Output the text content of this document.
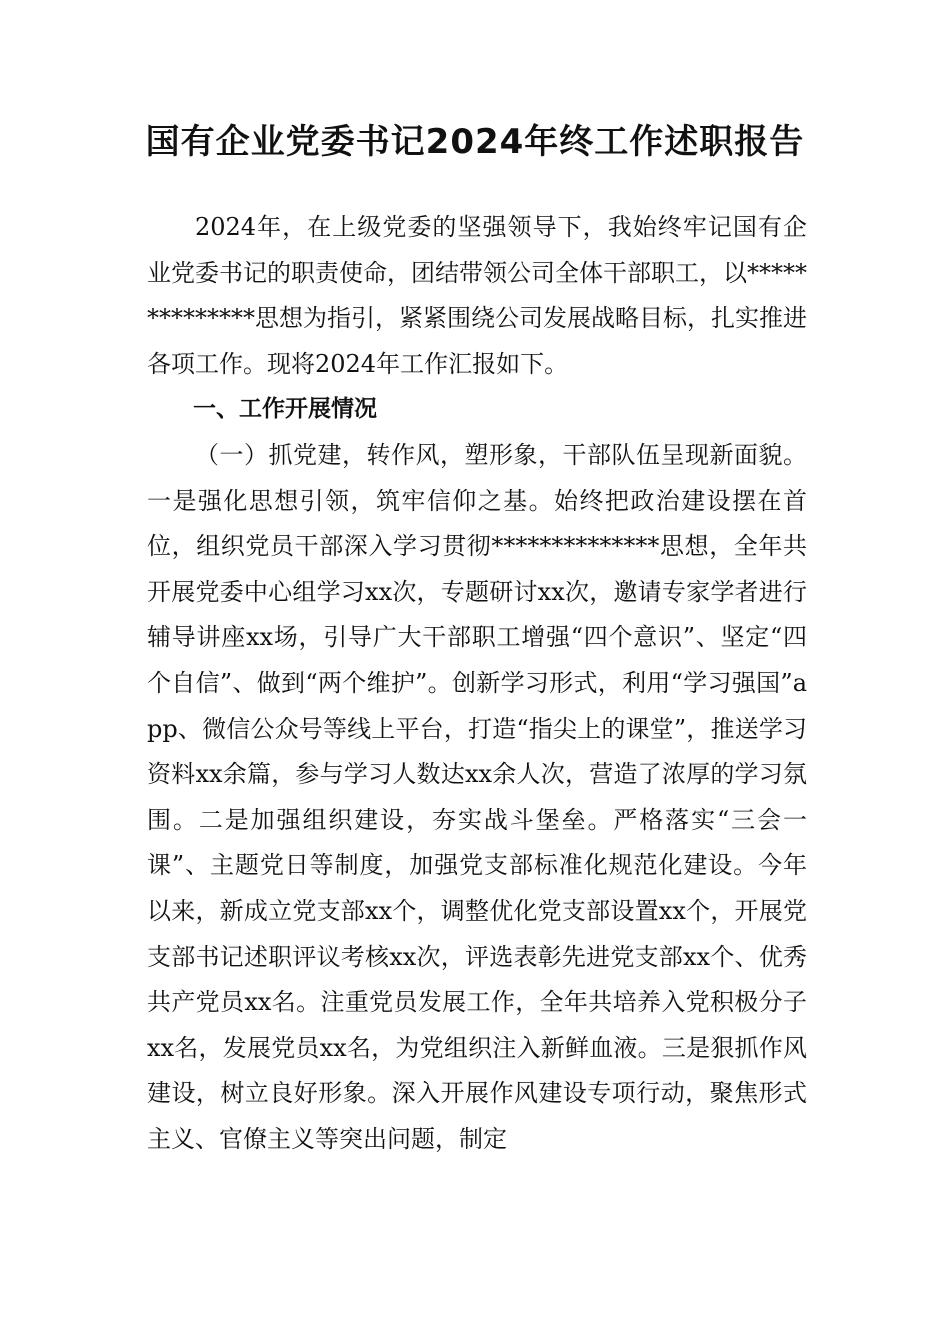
国有企业党委书记2024年终工作述职报告

2024年，在上级党委的坚强领导下，我始终牢记国有企业党委书记的职责使命，团结带领公司全体干部职工，以**************思想为指引，紧紧围绕公司发展战略目标，扎实推进各项工作。现将2024年工作汇报如下。

一、工作开展情况

（一）抓党建，转作风，塑形象，干部队伍呈现新面貌。一是强化思想引领，筑牢信仰之基。始终把政治建设摆在首位，组织党员干部深入学习贯彻**************思想，全年共开展党委中心组学习xx次，专题研讨xx次，邀请专家学者进行辅导讲座xx场，引导广大干部职工增强“四个意识”、坚定“四个自信”、做到“两个维护”。创新学习形式，利用“学习强国”app、微信公众号等线上平台，打造“指尖上的课堂”，推送学习资料xx余篇，参与学习人数达xx余人次，营造了浓厚的学习氛围。二是加强组织建设，夯实战斗堡垒。严格落实“三会一课”、主题党日等制度，加强党支部标准化规范化建设。今年以来，新成立党支部xx个，调整优化党支部设置xx个，开展党支部书记述职评议考核xx次，评选表彰先进党支部xx个、优秀共产党员xx名。注重党员发展工作，全年共培养入党积极分子xx名，发展党员xx名，为党组织注入新鲜血液。三是狠抓作风建设，树立良好形象。深入开展作风建设专项行动，聚焦形式主义、官僚主义等突出问题，制定
